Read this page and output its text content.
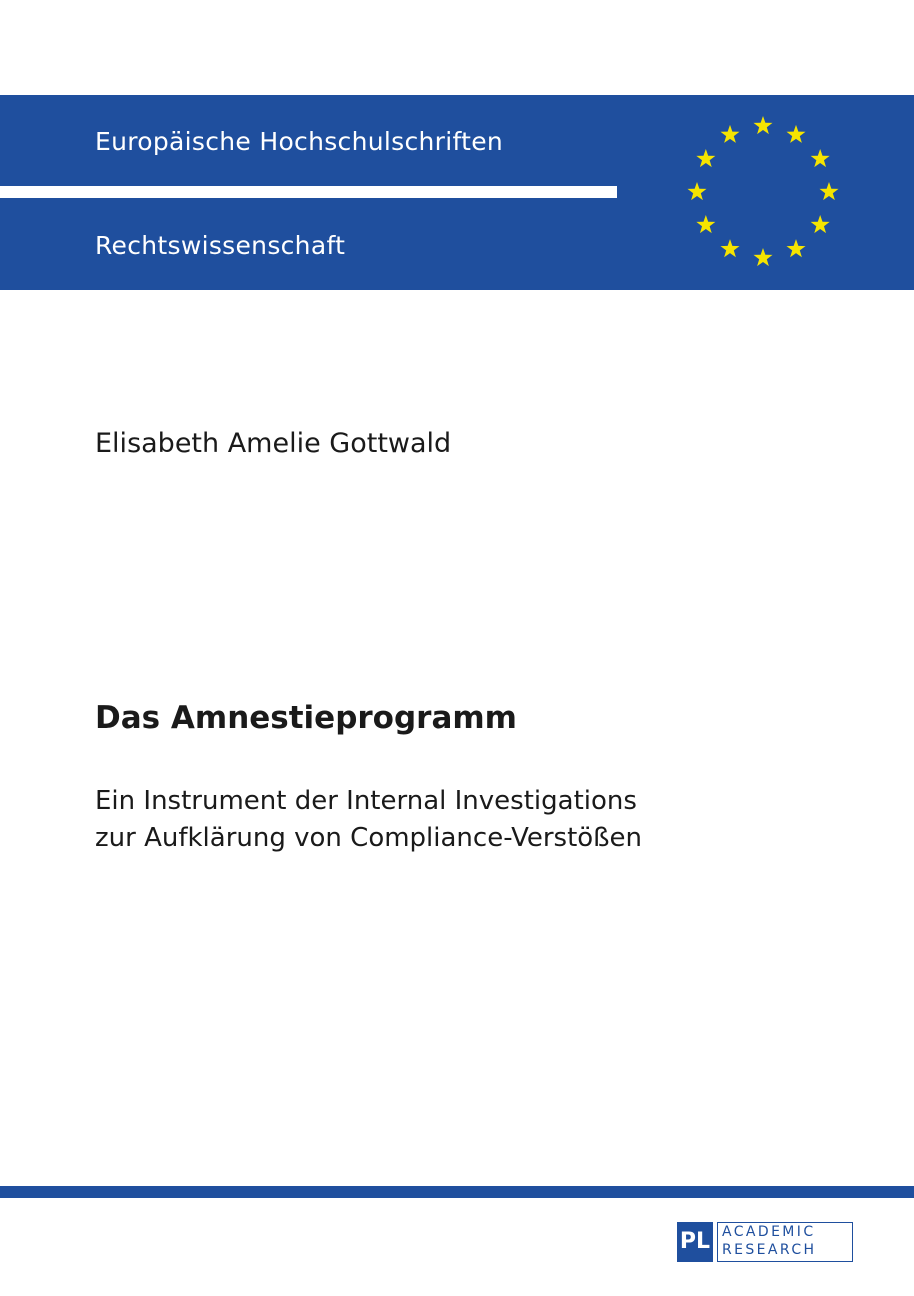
Europäische Hochschulschriften
Rechtswissenschaft
Elisabeth Amelie Gottwald
Das Amnestieprogramm
Ein Instrument der Internal Investigations
zur Aufklärung von Compliance-Verstößen
PL ACADEMIC
RESEARCH
